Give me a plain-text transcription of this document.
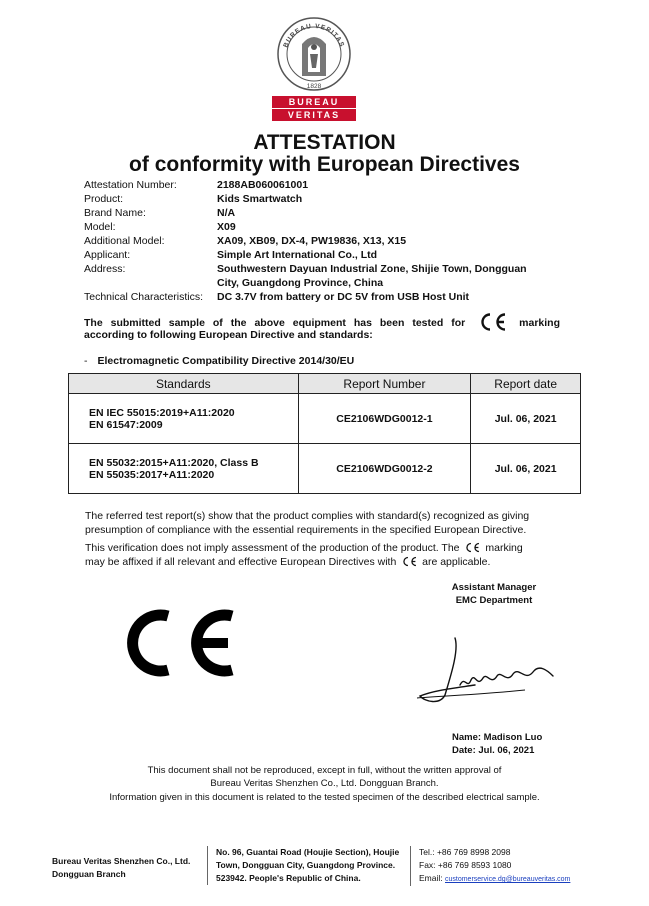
BUREAU VERITAS
1828
BUREAU
VERITAS
ATTESTATION
of conformity with European Directives
Attestation Number:	2188AB060061001
Product:	Kids Smartwatch
Brand Name:	N/A
Model:	X09
Additional Model:	XA09, XB09, DX-4, PW19836, X13, X15
Applicant:	Simple Art International Co., Ltd
Address:	Southwestern Dayuan Industrial Zone, Shijie Town, Dongguan City, Guangdong Province, China
Technical Characteristics:	DC 3.7V from battery or DC 5V from USB Host Unit
The submitted sample of the above equipment has been tested for	marking
according to following European Directive and standards:
- Electromagnetic Compatibility Directive 2014/30/EU
Standards	Report Number	Report date

EN IEC 55015:2019+A11:2020
EN 61547:2009	CE2106WDG0012-1	Jul. 06, 2021

EN 55032:2015+A11:2020, Class B
EN 55035:2017+A11:2020	CE2106WDG0012-2	Jul. 06, 2021
The referred test report(s) show that the product complies with standard(s) recognized as giving
presumption of compliance with the essential requirements in the specified European Directive.
This verification does not imply assessment of the production of the product. The marking
may be affixed if all relevant and effective European Directives with are applicable.
Assistant Manager
EMC Department
Name: Madison Luo
Date: Jul. 06, 2021
This document shall not be reproduced, except in full, without the written approval of
Bureau Veritas Shenzhen Co., Ltd. Dongguan Branch.
Information given in this document is related to the tested specimen of the described electrical sample.
Bureau Veritas Shenzhen Co., Ltd.
Dongguan Branch
No. 96, Guantai Road (Houjie Section), Houjie
Town, Dongguan City, Guangdong Province.
523942. People's Republic of China.
Tel.: +86 769 8998 2098
Fax: +86 769 8593 1080
Email: customerservice.dg@bureauveritas.com
